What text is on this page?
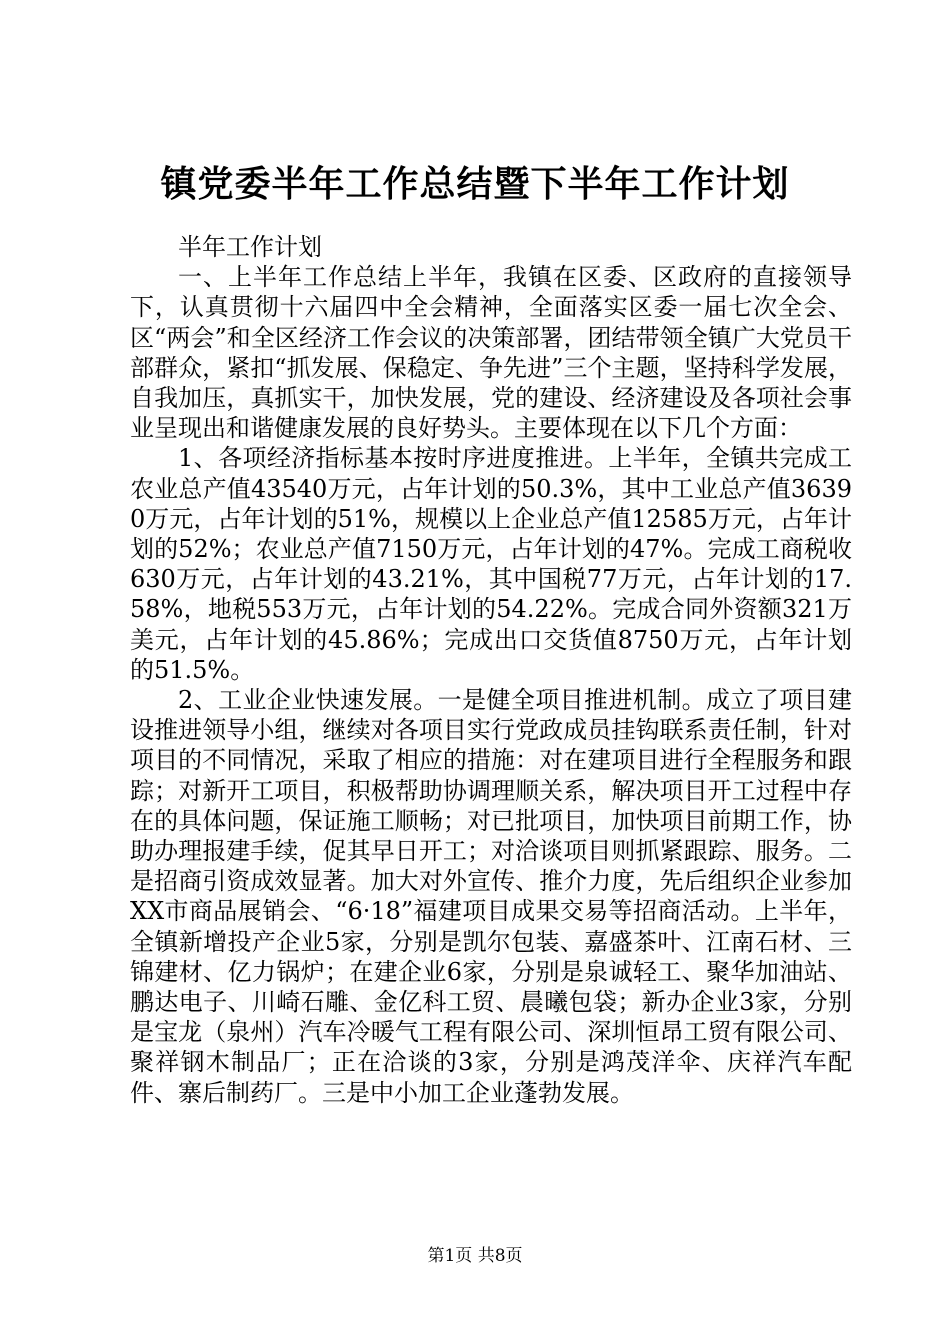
镇党委半年工作总结暨下半年工作计划

半年工作计划

一、上半年工作总结上半年，我镇在区委、区政府的直接领导下，认真贯彻十六届四中全会精神，全面落实区委一届七次全会、区“两会”和全区经济工作会议的决策部署，团结带领全镇广大党员干部群众，紧扣“抓发展、保稳定、争先进”三个主题，坚持科学发展，自我加压，真抓实干，加快发展，党的建设、经济建设及各项社会事业呈现出和谐健康发展的良好势头。主要体现在以下几个方面：

1、各项经济指标基本按时序进度推进。上半年，全镇共完成工农业总产值43540万元，占年计划的50.3%，其中工业总产值36390万元，占年计划的51%，规模以上企业总产值12585万元，占年计划的52%；农业总产值7150万元，占年计划的47%。完成工商税收630万元，占年计划的43.21%，其中国税77万元，占年计划的17.58%，地税553万元，占年计划的54.22%。完成合同外资额321万美元，占年计划的45.86%；完成出口交货值8750万元，占年计划的51.5%。

2、工业企业快速发展。一是健全项目推进机制。成立了项目建设推进领导小组，继续对各项目实行党政成员挂钩联系责任制，针对项目的不同情况，采取了相应的措施：对在建项目进行全程服务和跟踪；对新开工项目，积极帮助协调理顺关系，解决项目开工过程中存在的具体问题，保证施工顺畅；对已批项目，加快项目前期工作，协助办理报建手续，促其早日开工；对洽谈项目则抓紧跟踪、服务。二是招商引资成效显著。加大对外宣传、推介力度，先后组织企业参加XX市商品展销会、“6·18”福建项目成果交易等招商活动。上半年，全镇新增投产企业5家，分别是凯尔包装、嘉盛茶叶、江南石材、三锦建材、亿力锅炉；在建企业6家，分别是泉诚轻工、聚华加油站、鹏达电子、川崎石雕、金亿科工贸、晨曦包袋；新办企业3家，分别是宝龙（泉州）汽车冷暖气工程有限公司、深圳恒昂工贸有限公司、聚祥钢木制品厂；正在洽谈的3家，分别是鸿茂洋伞、庆祥汽车配件、寨后制药厂。三是中小加工企业蓬勃发展。

第1页 共8页
